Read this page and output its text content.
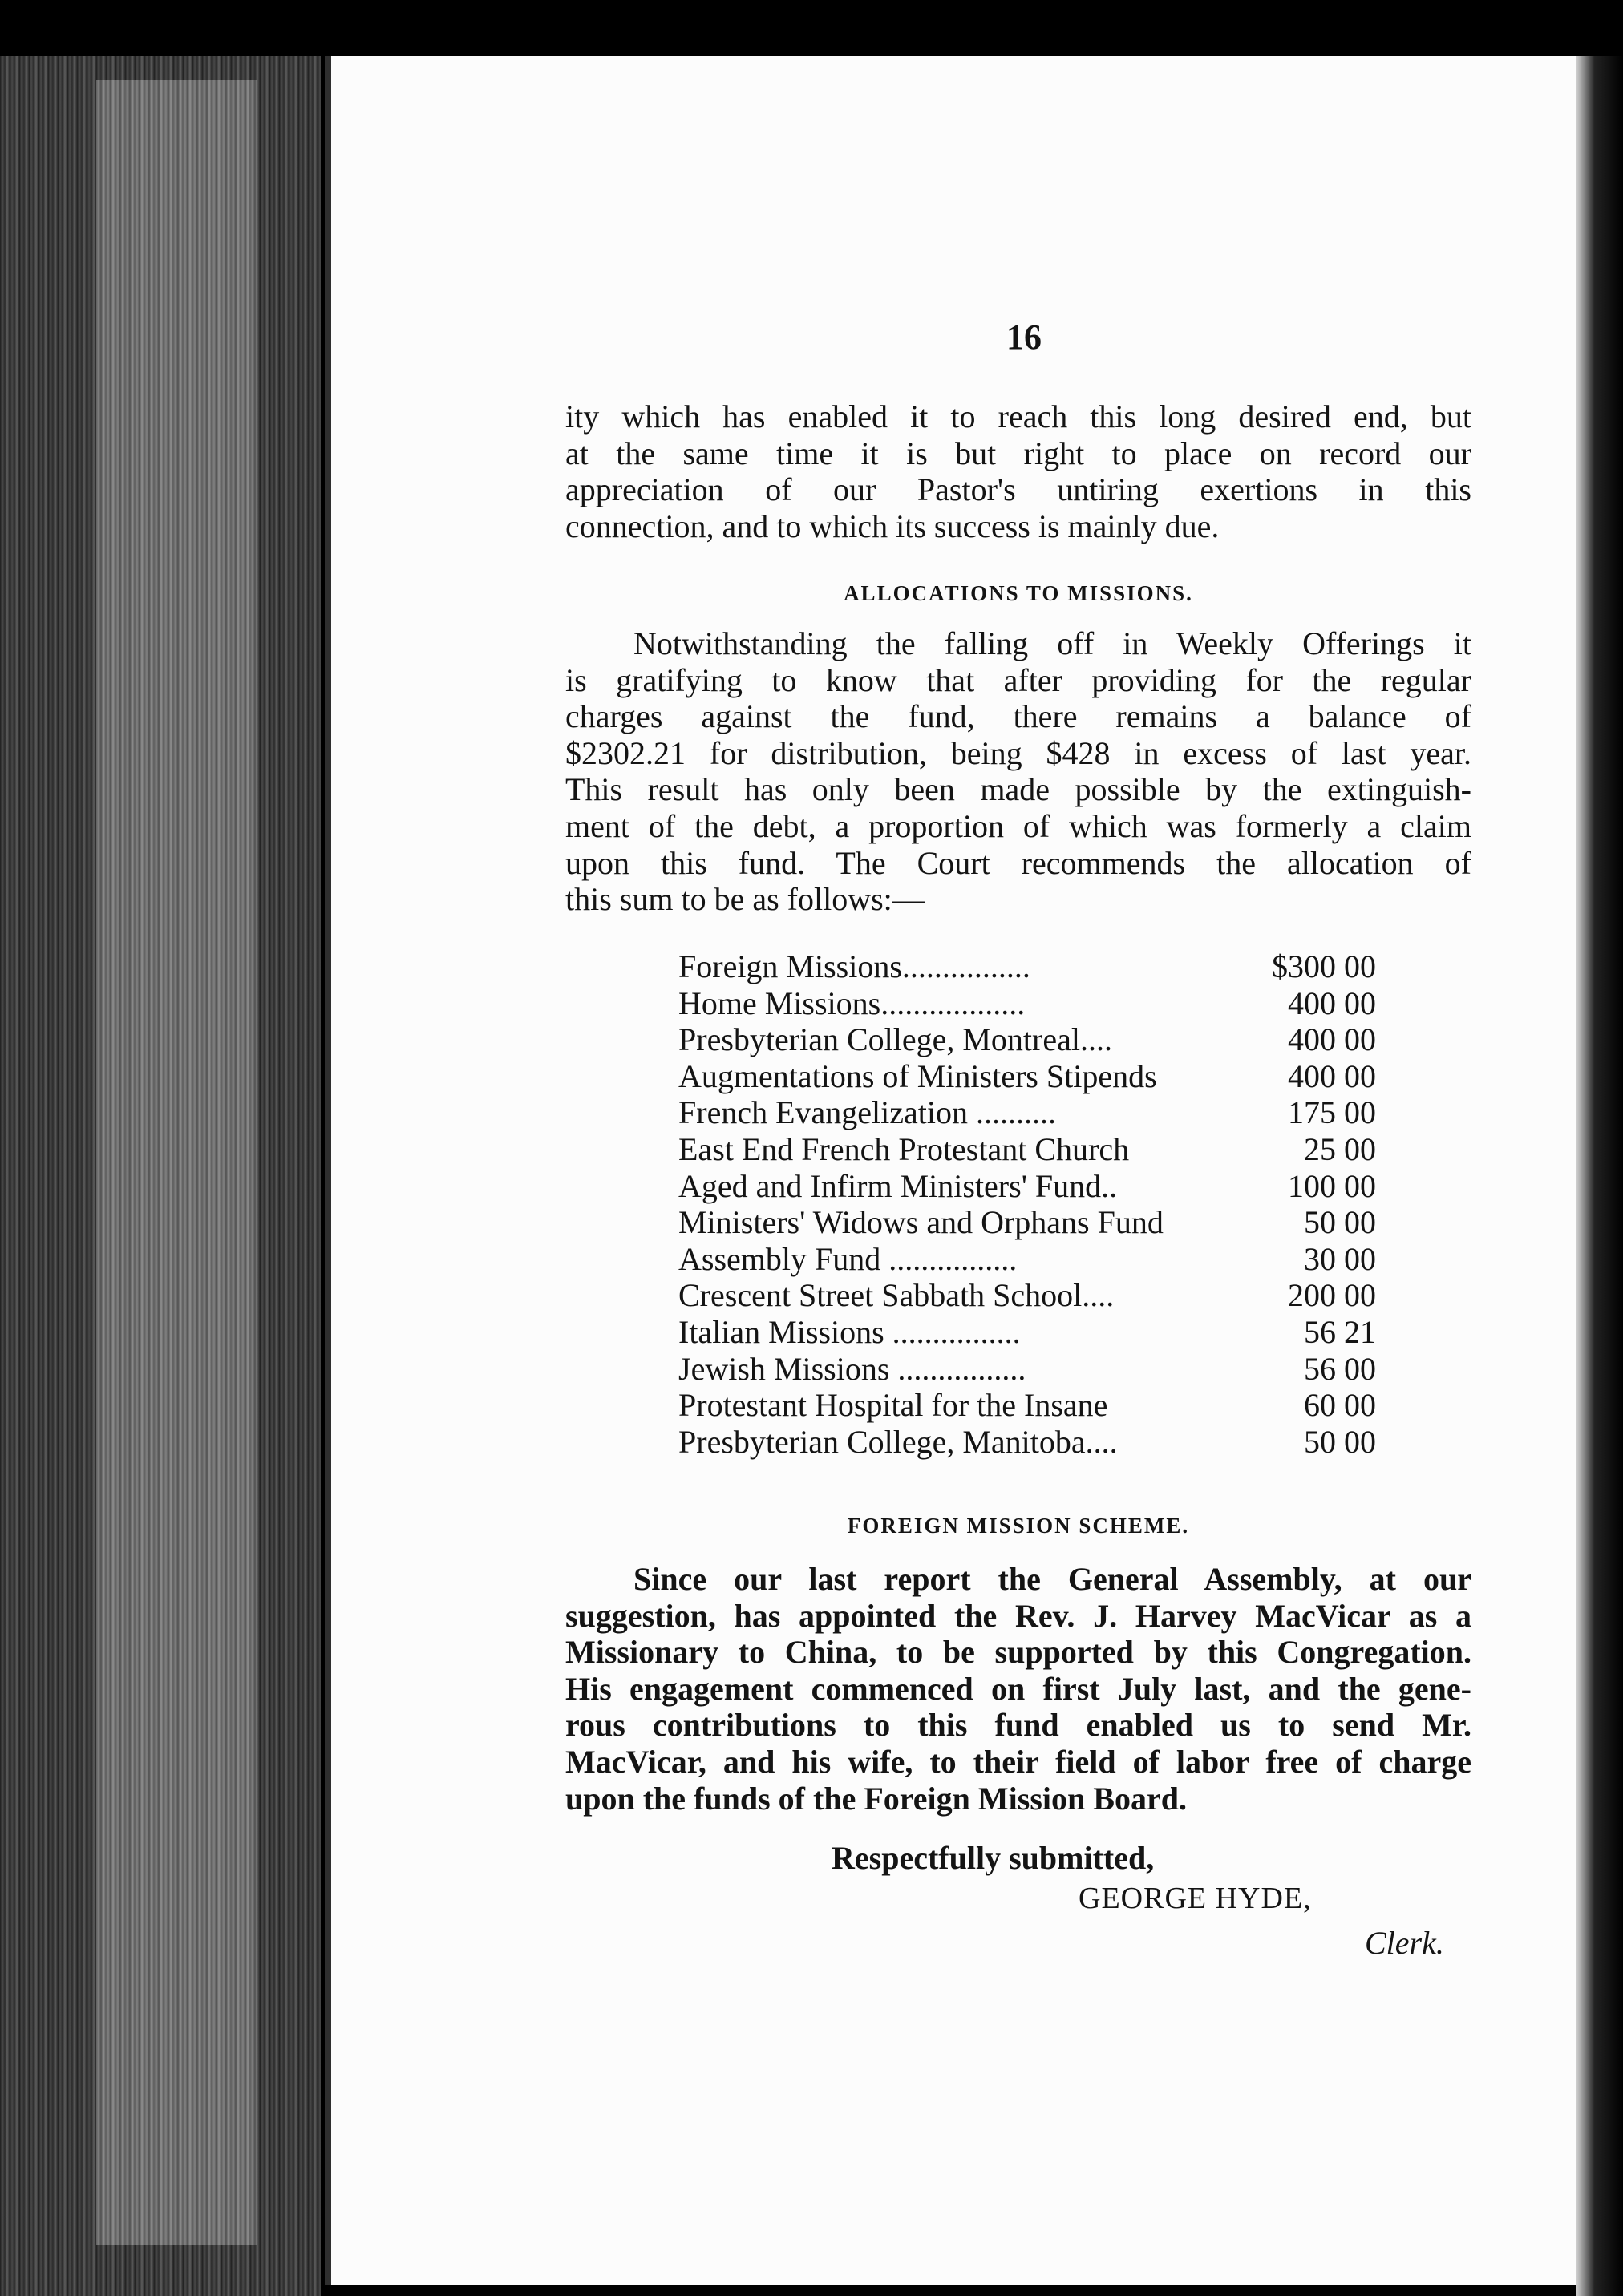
16
ity which has enabled it to reach this long desired end, but
at the same time it is but right to place on record our
appreciation of our Pastor's untiring exertions in this
connection, and to which its success is mainly due.
ALLOCATIONS TO MISSIONS.
Notwithstanding the falling off in Weekly Offerings it
is gratifying to know that after providing for the regular
charges against the fund, there remains a balance of
$2302.21 for distribution, being $428 in excess of last year.
This result has only been made possible by the extinguish-
ment of the debt, a proportion of which was formerly a claim
upon this fund. The Court recommends the allocation of
this sum to be as follows:—
Foreign Missions................	$300 00
Home Missions..................	400 00
Presbyterian College, Montreal....	400 00
Augmentations of Ministers Stipends	400 00
French Evangelization ..........	175 00
East End French Protestant Church	25 00
Aged and Infirm Ministers' Fund..	100 00
Ministers' Widows and Orphans Fund	50 00
Assembly Fund ................	30 00
Crescent Street Sabbath School....	200 00
Italian Missions ................	56 21
Jewish Missions ................	56 00
Protestant Hospital for the Insane	60 00
Presbyterian College, Manitoba....	50 00
FOREIGN MISSION SCHEME.
Since our last report the General Assembly, at our
suggestion, has appointed the Rev. J. Harvey MacVicar as a
Missionary to China, to be supported by this Congregation.
His engagement commenced on first July last, and the gene-
rous contributions to this fund enabled us to send Mr.
MacVicar, and his wife, to their field of labor free of charge
upon the funds of the Foreign Mission Board.
Respectfully submitted,
GEORGE HYDE,
Clerk.
